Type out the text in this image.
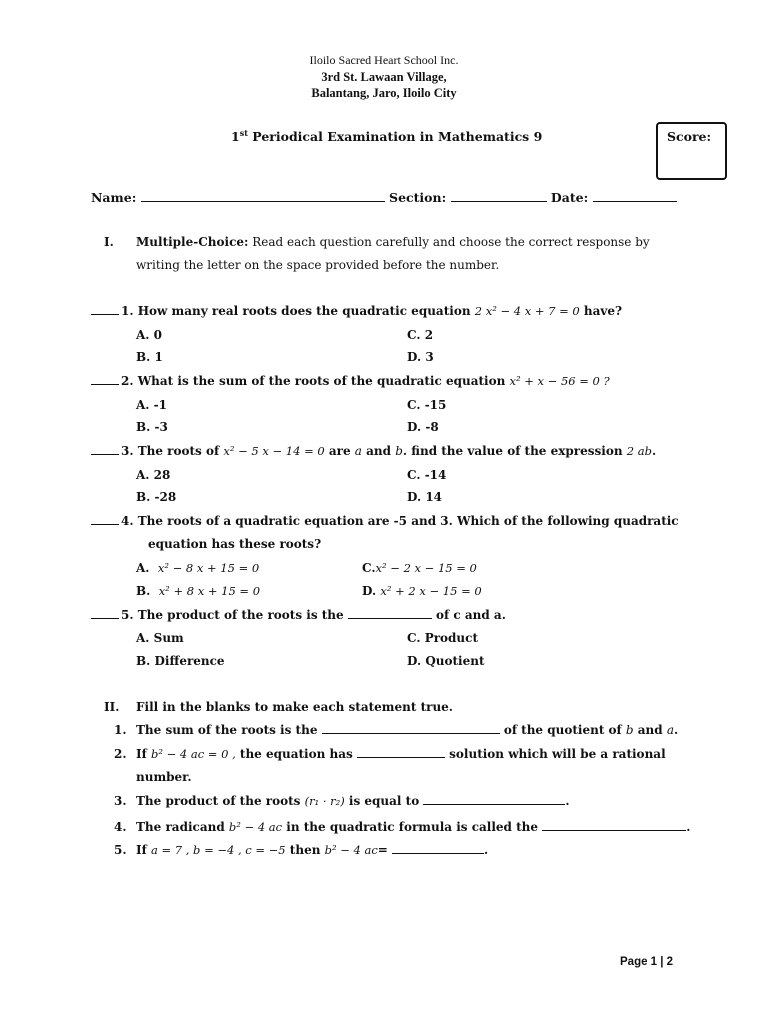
Iloilo Sacred Heart School Inc.
3rd St. Lawaan Village,
Balantang, Jaro, Iloilo City
1st Periodical Examination in Mathematics 9	Score:
Name:	Section:	Date:
I. Multiple-Choice: Read each question carefully and choose the correct response by
writing the letter on the space provided before the number.
1. How many real roots does the quadratic equation 2 x² − 4 x + 7 = 0 have?
A. 0	C. 2
B. 1	D. 3
2. What is the sum of the roots of the quadratic equation x² + x − 56 = 0 ?
A. -1	C. -15
B. -3	D. -8
3. The roots of x² − 5 x − 14 = 0 are a and b. find the value of the expression 2 ab.
A. 28	C. -14
B. -28	D. 14
4. The roots of a quadratic equation are -5 and 3. Which of the following quadratic
equation has these roots?
A. x² − 8 x + 15 = 0	C.x² − 2 x − 15 = 0
B. x² + 8 x + 15 = 0	D. x² + 2 x − 15 = 0
5. The product of the roots is the	of c and a.
A. Sum	C. Product
B. Difference	D. Quotient
II. Fill in the blanks to make each statement true.
1. The sum of the roots is the	of the quotient of b and a.
2. If b² − 4 ac = 0 , the equation has	solution which will be a rational
number.
3. The product of the roots (r₁ · r₂) is equal to	.
4. The radicand b² − 4 ac in the quadratic formula is called the	.
5. If a = 7 , b = −4 , c = −5 then b² − 4 ac=	.
Page 1 | 2
